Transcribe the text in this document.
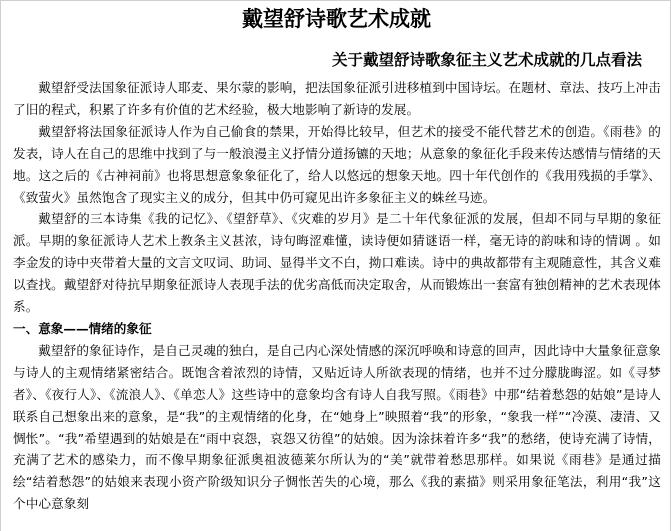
戴望舒诗歌艺术成就
关于戴望舒诗歌象征主义艺术成就的几点看法

戴望舒受法国象征派诗人耶麦、果尔蒙的影响，把法国象征派引进移植到中国诗坛。在题材、章法、技巧上冲击了旧的程式，积累了许多有价值的艺术经验，极大地影响了新诗的发展。

戴望舒将法国象征派诗人作为自己偷食的禁果，开始得比较早，但艺术的接受不能代替艺术的创造。《雨巷》的发表，诗人在自己的思维中找到了与一般浪漫主义抒情分道扬镳的天地；从意象的象征化手段来传达感情与情绪的天地。这之后的《古神祠前》也将思想意象象征化了，给人以悠远的想象天地。四十年代创作的《我用残损的手掌》、《致萤火》虽然饱含了现实主义的成分，但其中仍可窥见出许多象征主义的蛛丝马迹。

戴望舒的三本诗集《我的记忆》、《望舒草》、《灾难的岁月》是二十年代象征派的发展，但却不同与早期的象征派。早期的象征派诗人艺术上教条主义甚浓，诗句晦涩难懂，读诗便如猜谜语一样，毫无诗的韵味和诗的情调 。如李金发的诗中夹带着大量的文言文叹词、助词、显得半文不白，拗口难读。诗中的典故都带有主观随意性，其含义难以查找。戴望舒对待抗早期象征派诗人表现手法的优劣高低而决定取舍，从而锻炼出一套富有独创精神的艺术表现体系。

一、意象——情绪的象征

戴望舒的象征诗作，是自己灵魂的独白，是自己内心深处情感的深沉呼唤和诗意的回声，因此诗中大量象征意象与诗人的主观情绪紧密结合。既饱含着浓烈的诗情，又贴近诗人所欲表现的情绪，也并不过分朦胧晦涩。如《寻梦者》、《夜行人》、《流浪人》、《单恋人》这些诗中的意象均含有诗人自我写照。《雨巷》中那“结着愁怨的姑娘”是诗人联系自己想象出来的意象，是“我”的主观情绪的化身，在“她身上”映照着“我”的形象，“象我一样”“冷漠、凄清、又惆怅”。“我”希望遇到的姑娘是在“雨中哀怨，哀怨又彷徨”的姑娘。因为涂抹着许多“我”的愁绪，使诗充满了诗情，充满了艺术的感染力，而不像早期象征派奥祖波德莱尔所认为的“美”就带着愁思那样。如果说《雨巷》是通过描绘“结着愁怨”的姑娘来表现小资产阶级知识分子惆怅苦失的心境，那么《我的素描》则采用象征笔法，利用“我”这个中心意象刻
